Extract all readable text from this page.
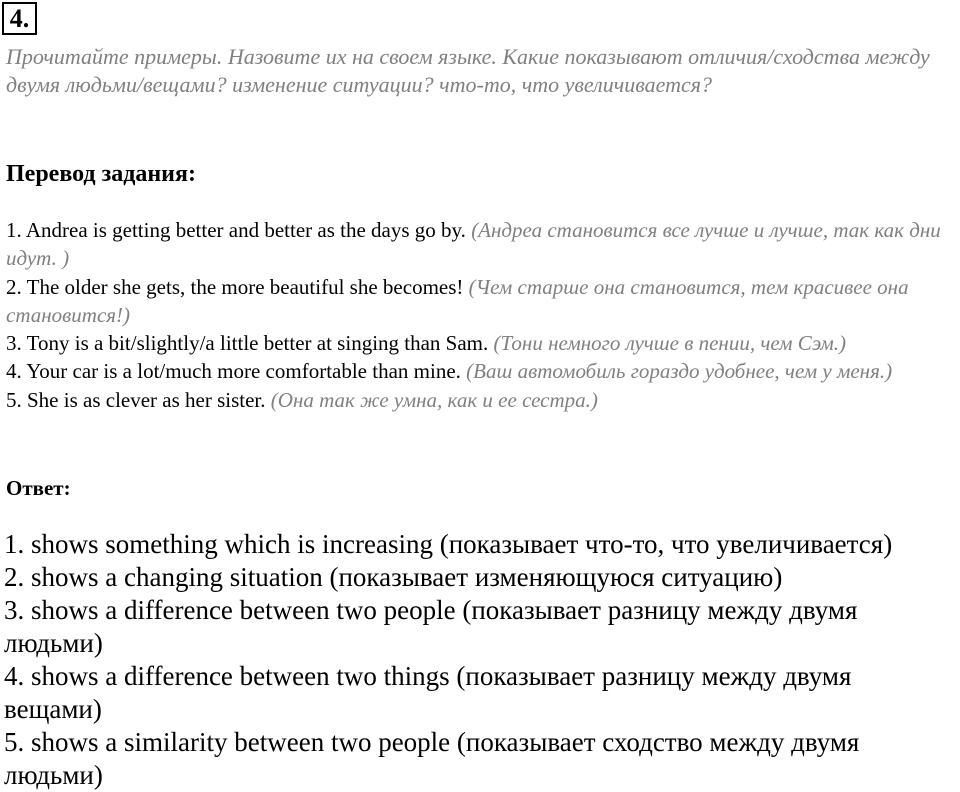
4.
Прочитайте примеры. Назовите их на своем языке. Какие показывают отличия/сходства между двумя людьми/вещами? изменение ситуации? что-то, что увеличивается?
Перевод задания:
1. Andrea is getting better and better as the days go by. (Андреа становится все лучше и лучше, так как дни идут. )
2. The older she gets, the more beautiful she becomes! (Чем старше она становится, тем красивее она становится!)
3. Tony is a bit/slightly/a little better at singing than Sam. (Тони немного лучше в пении, чем Сэм.)
4. Your car is a lot/much more comfortable than mine. (Ваш автомобиль гораздо удобнее, чем у меня.)
5. She is as clever as her sister. (Она так же умна, как и ее сестра.)
Ответ:
1. shows something which is increasing (показывает что-то, что увеличивается)
2. shows a changing situation (показывает изменяющуюся ситуацию)
3. shows a difference between two people (показывает разницу между двумя людьми)
4. shows a difference between two things (показывает разницу между двумя вещами)
5. shows a similarity between two people (показывает сходство между двумя людьми)
